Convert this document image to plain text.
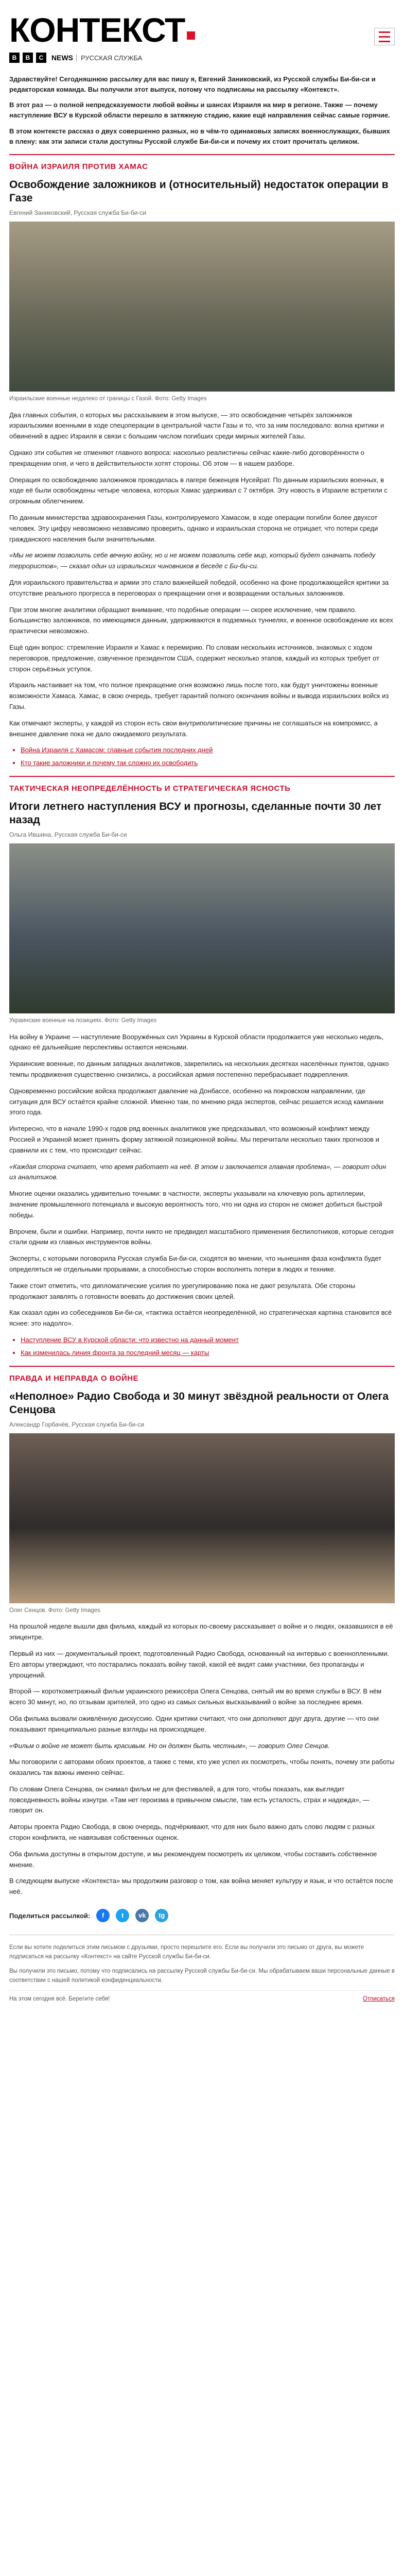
КОНТЕКСТ
B	B	C	NEWS	РУССКАЯ СЛУЖБА

Здравствуйте! Сегодняшнюю рассылку для вас пишу я, Евгений Заниковский, из Русской службы Би-би-си и редакторская команда. Вы получили этот выпуск, потому что подписаны на рассылку «Контекст».

В этот раз — о полной непредсказуемости любой войны и шансах Израиля на мир в регионе. Также — почему наступление ВСУ в Курской области перешло в затяжную стадию, какие ещё направления сейчас самые горячие.

В этом контексте рассказ о двух совершенно разных, но в чём-то одинаковых записях военнослужащих, бывших в плену: как эти записи стали доступны Русской службе Би-би-си и почему их стоит прочитать целиком.

ВОЙНА ИЗРАИЛЯ ПРОТИВ ХАМАС
Освобождение заложников и (относительный) недостаток операции в Газе
Евгений Заниковский, Русская служба Би-би-си
Израильские военные недалеко от границы с Газой. Фото: Getty Images

Два главных события, о которых мы рассказываем в этом выпуске, — это освобождение четырёх заложников израильскими военными в ходе спецоперации в центральной части Газы и то, что за ним последовало: волна критики и обвинений в адрес Израиля в связи с большим числом погибших среди мирных жителей Газы.

Однако эти события не отменяют главного вопроса: насколько реалистичны сейчас какие-либо договорённости о прекращении огня, и чего в действительности хотят стороны. Об этом — в нашем разборе.

Операция по освобождению заложников проводилась в лагере беженцев Нусейрат. По данным израильских военных, в ходе её были освобождены четыре человека, которых Хамас удерживал с 7 октября. Эту новость в Израиле встретили с огромным облегчением.

По данным министерства здравоохранения Газы, контролируемого Хамасом, в ходе операции погибли более двухсот человек. Эту цифру невозможно независимо проверить, однако и израильская сторона не отрицает, что потери среди гражданского населения были значительными.

«Мы не можем позволить себе вечную войну, но и не можем позволить себе мир, который будет означать победу террористов», — сказал один из израильских чиновников в беседе с Би-би-си.

Для израильского правительства и армии это стало важнейшей победой, особенно на фоне продолжающейся критики за отсутствие реального прогресса в переговорах о прекращении огня и возвращении остальных заложников.

При этом многие аналитики обращают внимание, что подобные операции — скорее исключение, чем правило. Большинство заложников, по имеющимся данным, удерживаются в подземных туннелях, и военное освобождение их всех практически невозможно.

Ещё один вопрос: стремление Израиля и Хамас к перемирию. По словам нескольких источников, знакомых с ходом переговоров, предложение, озвученное президентом США, содержит несколько этапов, каждый из которых требует от сторон серьёзных уступок.

Израиль настаивает на том, что полное прекращение огня возможно лишь после того, как будут уничтожены военные возможности Хамаса. Хамас, в свою очередь, требует гарантий полного окончания войны и вывода израильских войск из Газы.

Как отмечают эксперты, у каждой из сторон есть свои внутриполитические причины не соглашаться на компромисс, а внешнее давление пока не дало ожидаемого результата.

• Война Израиля с Хамасом: главные события последних дней
• Кто такие заложники и почему так сложно их освободить
ТАКТИЧЕСКАЯ НЕОПРЕДЕЛЁННОСТЬ И СТРАТЕГИЧЕСКАЯ ЯСНОСТЬ
Итоги летнего наступления ВСУ и прогнозы, сделанные почти 30 лет назад
Ольга Ившина, Русская служба Би-би-си
Украинские военные на позициях. Фото: Getty Images

На войну в Украине — наступление Вооружённых сил Украины в Курской области продолжается уже несколько недель, однако её дальнейшие перспективы остаются неясными.

Украинские военные, по данным западных аналитиков, закрепились на нескольких десятках населённых пунктов, однако темпы продвижения существенно снизились, а российская армия постепенно перебрасывает подкрепления.

Одновременно российские войска продолжают давление на Донбассе, особенно на покровском направлении, где ситуация для ВСУ остаётся крайне сложной. Именно там, по мнению ряда экспертов, сейчас решается исход кампании этого года.

Интересно, что в начале 1990-х годов ряд военных аналитиков уже предсказывал, что возможный конфликт между Россией и Украиной может принять форму затяжной позиционной войны. Мы перечитали несколько таких прогнозов и сравнили их с тем, что происходит сейчас.

«Каждая сторона считает, что время работает на неё. В этом и заключается главная проблема», — говорит один из аналитиков.

Многие оценки оказались удивительно точными: в частности, эксперты указывали на ключевую роль артиллерии, значение промышленного потенциала и высокую вероятность того, что ни одна из сторон не сможет добиться быстрой победы.

Впрочем, были и ошибки. Например, почти никто не предвидел масштабного применения беспилотников, которые сегодня стали одним из главных инструментов войны.

Эксперты, с которыми поговорила Русская служба Би-би-си, сходятся во мнении, что нынешняя фаза конфликта будет определяться не отдельными прорывами, а способностью сторон восполнять потери в людях и технике.

Также стоит отметить, что дипломатические усилия по урегулированию пока не дают результата. Обе стороны продолжают заявлять о готовности воевать до достижения своих целей.

Как сказал один из собеседников Би-би-си, «тактика остаётся неопределённой, но стратегическая картина становится всё яснее: это надолго».

• Наступление ВСУ в Курской области: что известно на данный момент
• Как изменилась линия фронта за последний месяц — карты
ПРАВДА И НЕПРАВДА О ВОЙНЕ
«Неполное» Радио Свобода и 30 минут звёздной реальности от Олега Сенцова
Александр Горбачёв, Русская служба Би-би-си
Олег Сенцов. Фото: Getty Images

На прошлой неделе вышли два фильма, каждый из которых по-своему рассказывает о войне и о людях, оказавшихся в её эпицентре.

Первый из них — документальный проект, подготовленный Радио Свобода, основанный на интервью с военнопленными. Его авторы утверждают, что постарались показать войну такой, какой её видят сами участники, без пропаганды и упрощений.

Второй — короткометражный фильм украинского режиссёра Олега Сенцова, снятый им во время службы в ВСУ. В нём всего 30 минут, но, по отзывам зрителей, это одно из самых сильных высказываний о войне за последнее время.

Оба фильма вызвали оживлённую дискуссию. Одни критики считают, что они дополняют друг друга, другие — что они показывают принципиально разные взгляды на происходящее.

«Фильм о войне не может быть красивым. Но он должен быть честным», — говорит Олег Сенцов.

Мы поговорили с авторами обоих проектов, а также с теми, кто уже успел их посмотреть, чтобы понять, почему эти работы оказались так важны именно сейчас.

По словам Олега Сенцова, он снимал фильм не для фестивалей, а для того, чтобы показать, как выглядит повседневность войны изнутри. «Там нет героизма в привычном смысле, там есть усталость, страх и надежда», — говорит он.

Авторы проекта Радио Свобода, в свою очередь, подчёркивают, что для них было важно дать слово людям с разных сторон конфликта, не навязывая собственных оценок.

Оба фильма доступны в открытом доступе, и мы рекомендуем посмотреть их целиком, чтобы составить собственное мнение.

В следующем выпуске «Контекста» мы продолжим разговор о том, как война меняет культуру и язык, и что остаётся после неё.

Поделиться рассылкой:	f	t	vk	tg

Если вы хотите поделиться этим письмом с друзьями, просто перешлите его. Если вы получили это письмо от друга, вы можете подписаться на рассылку «Контекст» на сайте Русской службы Би-би-си.

Вы получили это письмо, потому что подписались на рассылку Русской службы Би-би-си. Мы обрабатываем ваши персональные данные в соответствии с нашей политикой конфиденциальности.

На этом сегодня всё. Берегите себя!	Отписаться
